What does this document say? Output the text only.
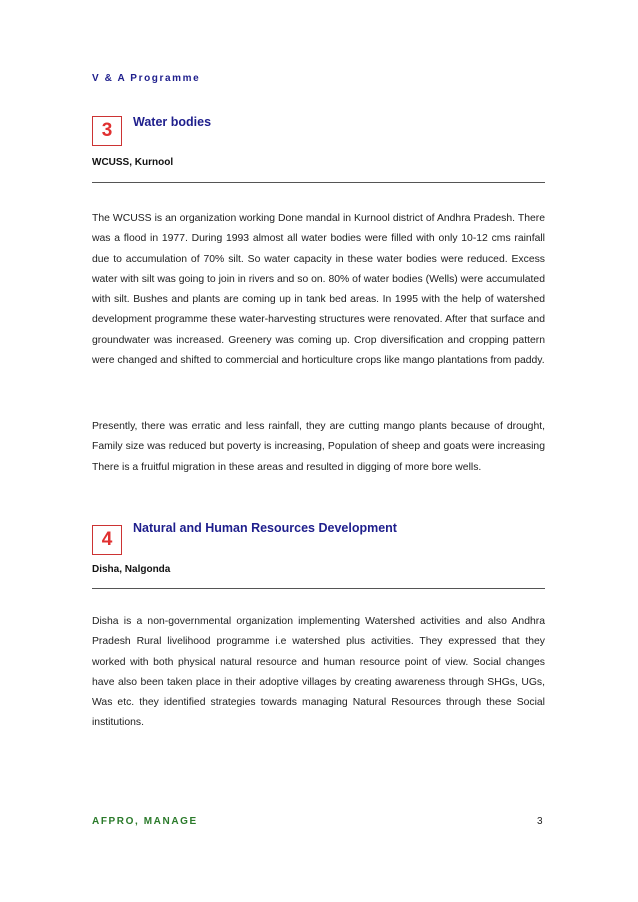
V & A Programme
3	Water bodies
WCUSS, Kurnool

The WCUSS is an organization working Done mandal in Kurnool district of Andhra Pradesh. There was a flood in 1977. During 1993 almost all water bodies were filled with only 10-12 cms rainfall due to accumulation of 70% silt. So water capacity in these water bodies were reduced. Excess water with silt was going to join in rivers and so on. 80% of water bodies (Wells) were accumulated with silt. Bushes and plants are coming up in tank bed areas. In 1995 with the help of watershed development programme these water-harvesting structures were renovated. After that surface and groundwater was increased. Greenery was coming up. Crop diversification and cropping pattern were changed and shifted to commercial and horticulture crops like mango plantations from paddy.

Presently, there was erratic and less rainfall, they are cutting mango plants because of drought, Family size was reduced but poverty is increasing, Population of sheep and goats were increasing There is a fruitful migration in these areas and resulted in digging of more bore wells.

4
Natural and Human Resources Development
Disha, Nalgonda

Disha is a non-governmental organization implementing Watershed activities and also Andhra Pradesh Rural livelihood programme i.e watershed plus activities. They expressed that they worked with both physical natural resource and human resource point of view. Social changes have also been taken place in their adoptive villages by creating awareness through SHGs, UGs, Was etc. they identified strategies towards managing Natural Resources through these Social institutions.

AFPRO, MANAGE	3
